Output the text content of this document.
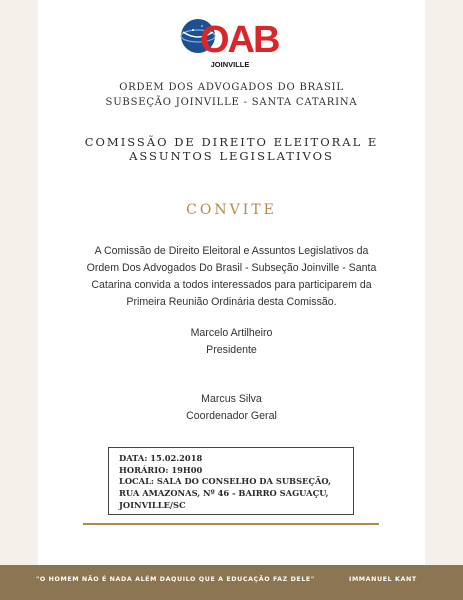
OAB
JOINVILLE
ORDEM DOS ADVOGADOS DO BRASIL
SUBSEÇÃO JOINVILLE - SANTA CATARINA
COMISSÃO DE DIREITO ELEITORAL E
ASSUNTOS LEGISLATIVOS
CONVITE
A Comissão de Direito Eleitoral e Assuntos Legislativos da
Ordem Dos Advogados Do Brasil - Subseção Joinville - Santa
Catarina convida a todos interessados para participarem da
Primeira Reunião Ordinária desta Comissão.
Marcelo Artilheiro
Presidente
Marcus Silva
Coordenador Geral
DATA: 15.02.2018
HORÁRIO: 19H00
LOCAL: SALA DO CONSELHO DA SUBSEÇÃO,
RUA AMAZONAS, Nº 46 - BAIRRO SAGUAÇU,
JOINVILLE/SC
"O HOMEM NÃO É NADA ALÉM DAQUILO QUE A EDUCAÇÃO FAZ DELE"	IMMANUEL KANT
